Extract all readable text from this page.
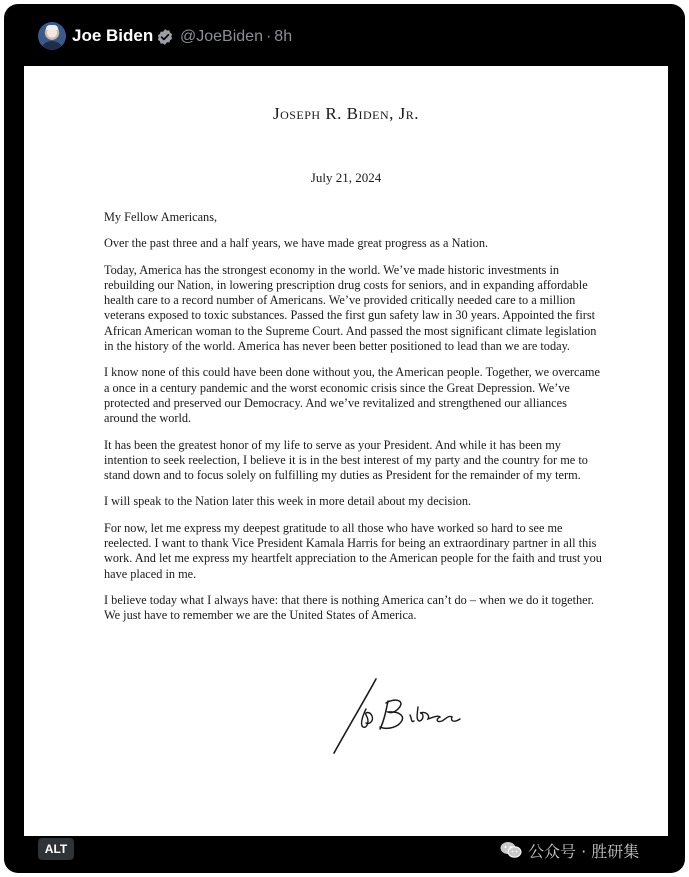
Joe Biden @JoeBiden · 8h
Joseph R. Biden, Jr.
July 21, 2024

My Fellow Americans,

Over the past three and a half years, we have made great progress as a Nation.

Today, America has the strongest economy in the world. We’ve made historic investments in rebuilding our Nation, in lowering prescription drug costs for seniors, and in expanding affordable health care to a record number of Americans. We’ve provided critically needed care to a million veterans exposed to toxic substances. Passed the first gun safety law in 30 years. Appointed the first African American woman to the Supreme Court. And passed the most significant climate legislation in the history of the world. America has never been better positioned to lead than we are today.

I know none of this could have been done without you, the American people. Together, we overcame a once in a century pandemic and the worst economic crisis since the Great Depression. We’ve protected and preserved our Democracy. And we’ve revitalized and strengthened our alliances around the world.

It has been the greatest honor of my life to serve as your President. And while it has been my intention to seek reelection, I believe it is in the best interest of my party and the country for me to stand down and to focus solely on fulfilling my duties as President for the remainder of my term.

I will speak to the Nation later this week in more detail about my decision.

For now, let me express my deepest gratitude to all those who have worked so hard to see me reelected. I want to thank Vice President Kamala Harris for being an extraordinary partner in all this work. And let me express my heartfelt appreciation to the American people for the faith and trust you have placed in me.

I believe today what I always have: that there is nothing America can’t do – when we do it together. We just have to remember we are the United States of America.

ALT	公众号 · 胜研集
